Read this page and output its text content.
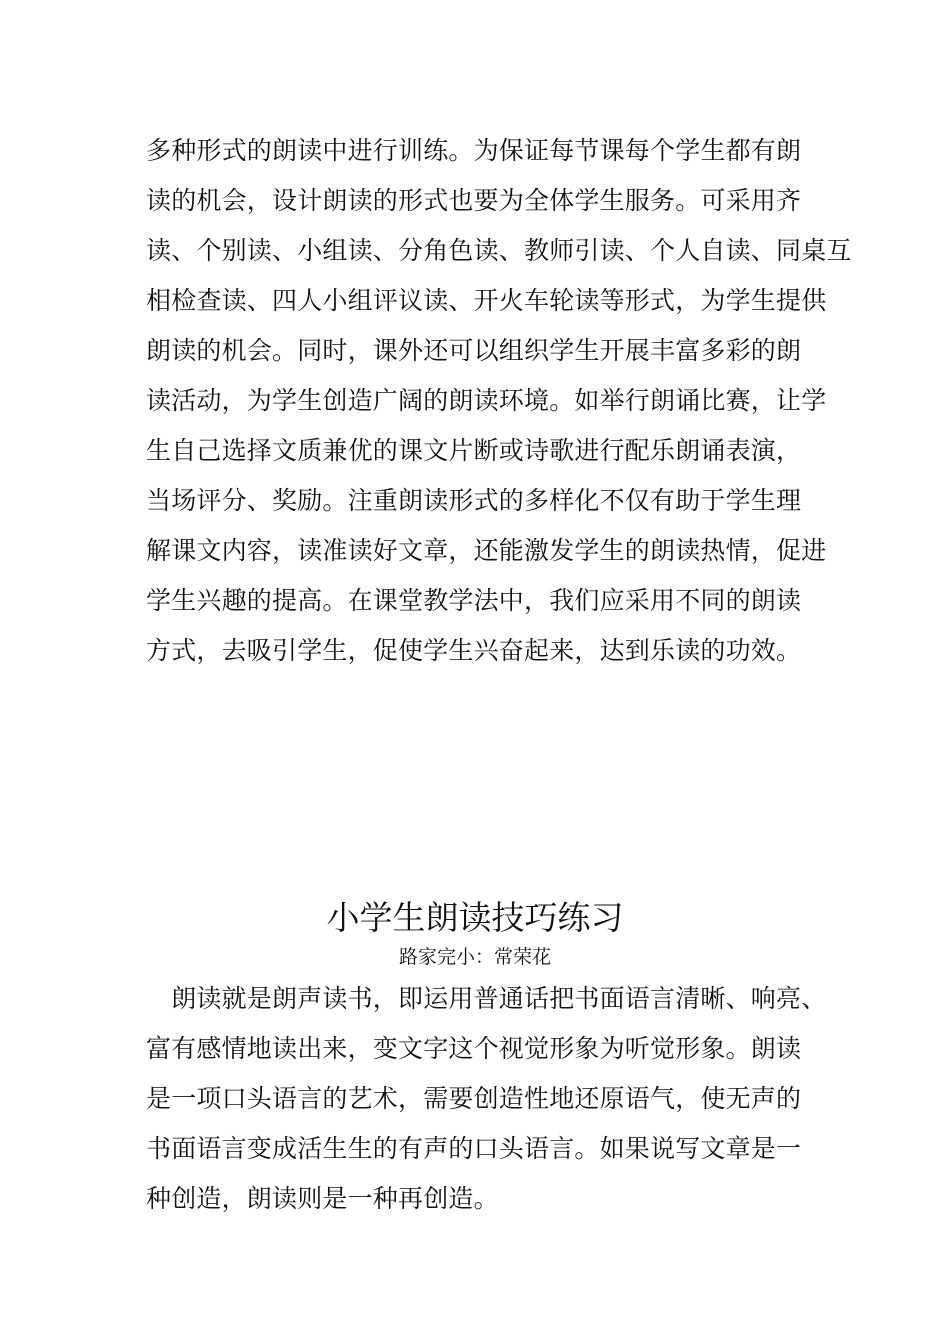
多种形式的朗读中进行训练。为保证每节课每个学生都有朗
读的机会，设计朗读的形式也要为全体学生服务。可采用齐
读、个别读、小组读、分角色读、教师引读、个人自读、同桌互
相检查读、四人小组评议读、开火车轮读等形式，为学生提供
朗读的机会。同时，课外还可以组织学生开展丰富多彩的朗
读活动，为学生创造广阔的朗读环境。如举行朗诵比赛，让学
生自己选择文质兼优的课文片断或诗歌进行配乐朗诵表演，
当场评分、奖励。注重朗读形式的多样化不仅有助于学生理
解课文内容，读准读好文章，还能激发学生的朗读热情，促进
学生兴趣的提高。在课堂教学法中，我们应采用不同的朗读
方式，去吸引学生，促使学生兴奋起来，达到乐读的功效。
小学生朗读技巧练习
路家完小：常荣花
　朗读就是朗声读书，即运用普通话把书面语言清晰、响亮、
富有感情地读出来，变文字这个视觉形象为听觉形象。朗读
是一项口头语言的艺术，需要创造性地还原语气，使无声的
书面语言变成活生生的有声的口头语言。如果说写文章是一
种创造，朗读则是一种再创造。
